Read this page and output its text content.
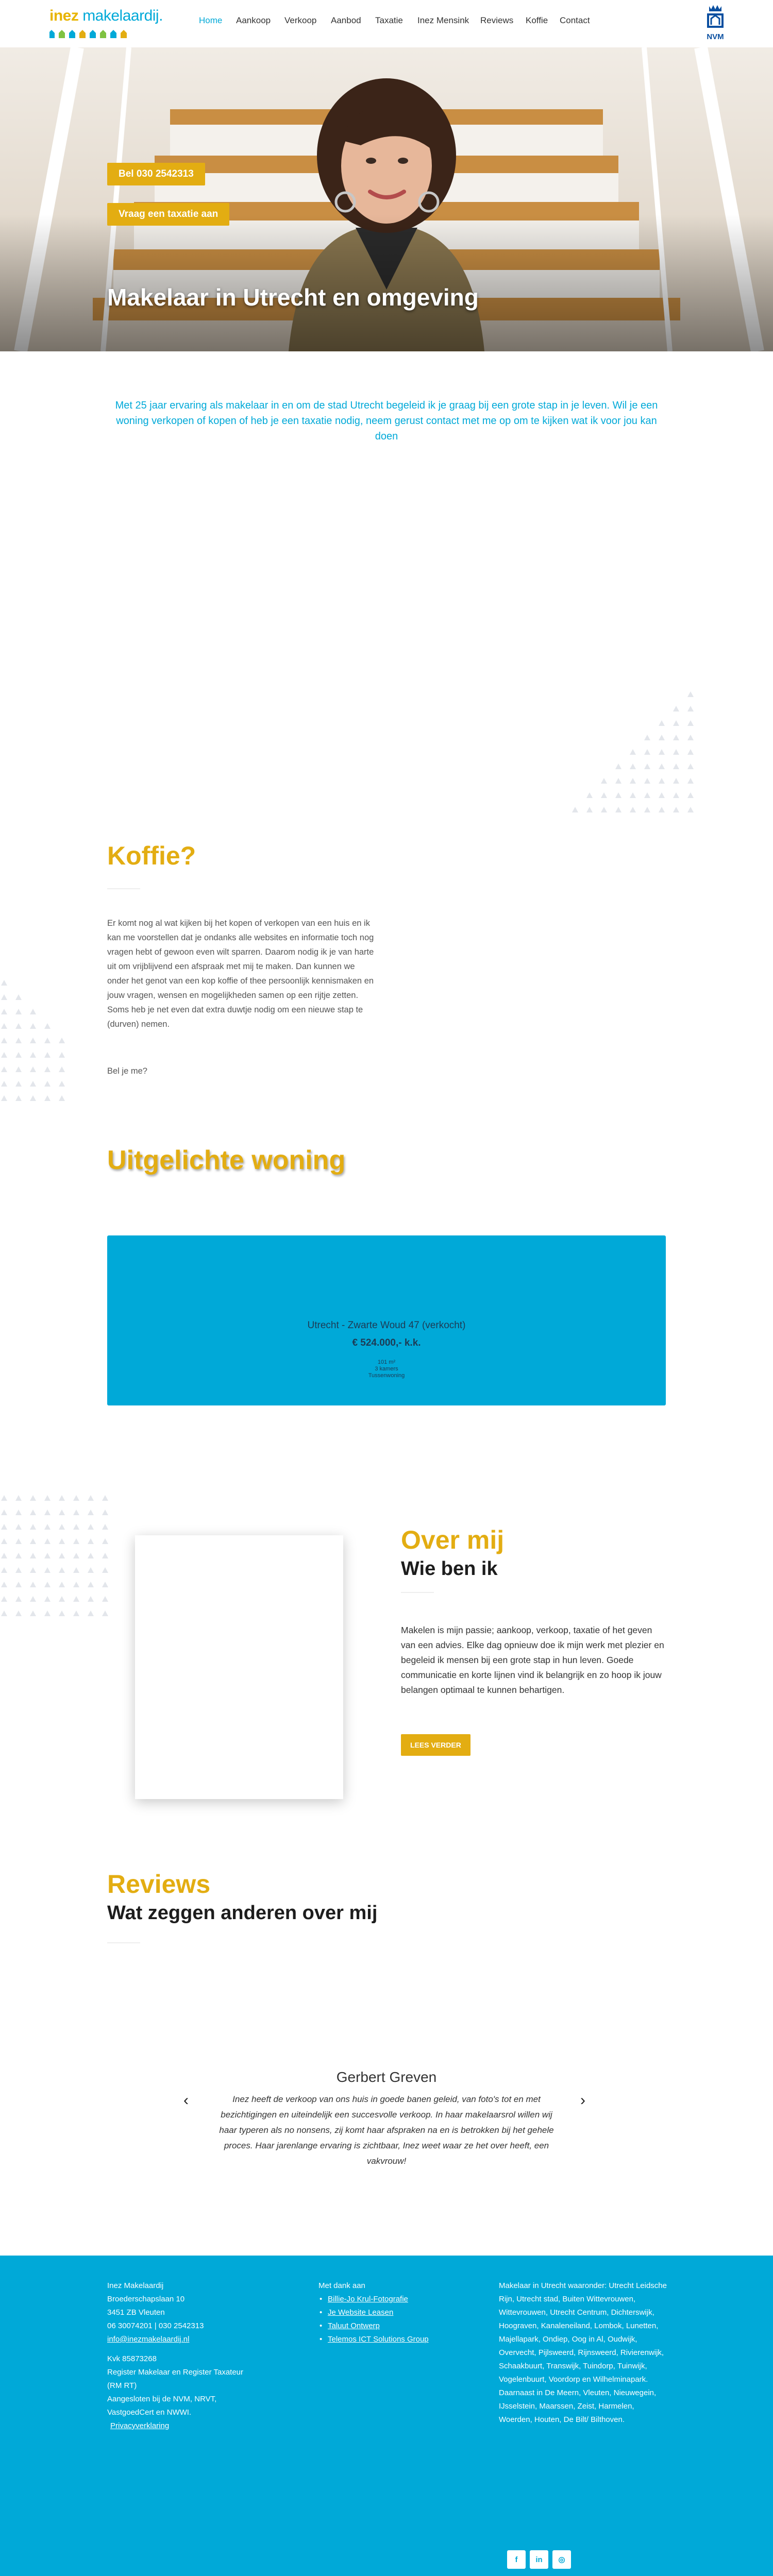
inez makelaardij.	Home Aankoop Verkoop Aanbod Taxatie Inez Mensink Reviews Koffie Contact
NVM
Bel 030 2542313
Vraag een taxatie aan
Makelaar in Utrecht en omgeving
Met 25 jaar ervaring als makelaar in en om de stad Utrecht begeleid ik je graag bij een grote stap in je leven. Wil je een woning verkopen of kopen of heb je een taxatie nodig, neem gerust contact met me op om te kijken wat ik voor jou kan doen
Koffie?
Er komt nog al wat kijken bij het kopen of verkopen van een huis en ik kan me voorstellen dat je ondanks alle websites en informatie toch nog vragen hebt of gewoon even wilt sparren. Daarom nodig ik je van harte uit om vrijblijvend een afspraak met mij te maken. Dan kunnen we onder het genot van een kop koffie of thee persoonlijk kennismaken en jouw vragen, wensen en mogelijkheden samen op een rijtje zetten. Soms heb je net even dat extra duwtje nodig om een nieuwe stap te (durven) nemen.
Bel je me?
Uitgelichte woning
Utrecht - Zwarte Woud 47 (verkocht)
€ 524.000,- k.k.
101 m²
3 kamers
Tussenwoning
Over mij
Wie ben ik
Makelen is mijn passie; aankoop, verkoop, taxatie of het geven van een advies. Elke dag opnieuw doe ik mijn werk met plezier en begeleid ik mensen bij een grote stap in hun leven. Goede communicatie en korte lijnen vind ik belangrijk en zo hoop ik jouw belangen optimaal te kunnen behartigen.
LEES VERDER
Reviews
Wat zeggen anderen over mij
Gerbert Greven
‹	Inez heeft de verkoop van ons huis in goede banen geleid, van foto's tot en met bezichtigingen en uiteindelijk een succesvolle verkoop. In haar makelaarsrol willen wij haar typeren als no nonsens, zij komt haar afspraken na en is betrokken bij het gehele proces. Haar jarenlange ervaring is zichtbaar, Inez weet waar ze het over heeft, een vakvrouw!
›
Inez Makelaardij
Broederschapslaan 10
3451 ZB Vleuten
06 30074201 | 030 2542313
info@inezmakelaardij.nl
Kvk 85873268
Register Makelaar en Register Taxateur
(RM RT)
Aangesloten bij de NVM, NRVT,
VastgoedCert en NWWI.
Privacyverklaring
Met dank aan
• Billie-Jo Krul-Fotografie
• Je Website Leasen
• Taluut Ontwerp
• Telemos ICT Solutions Group
Makelaar in Utrecht waaronder: Utrecht Leidsche Rijn, Utrecht stad, Buiten Wittevrouwen, Wittevrouwen, Utrecht Centrum, Dichterswijk, Hoograven, Kanaleneiland, Lombok, Lunetten, Majellapark, Ondiep, Oog in Al, Oudwijk, Overvecht, Pijlsweerd, Rijnsweerd, Rivierenwijk, Schaakbuurt, Transwijk, Tuindorp, Tuinwijk, Vogelenbuurt, Voordorp en Wilhelminapark. Daarnaast in De Meern, Vleuten, Nieuwegein, IJsselstein, Maarssen, Zeist, Harmelen, Woerden, Houten, De Bilt/ Bilthoven.
f	in	◎
